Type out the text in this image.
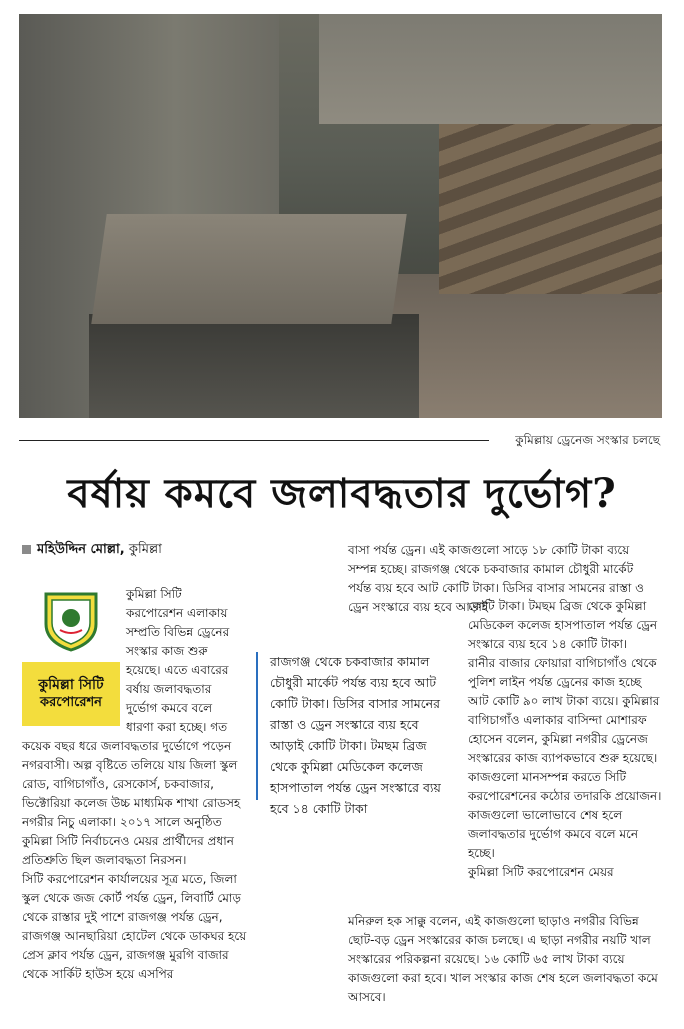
কুমিল্লায় ড্রেনেজ সংস্কার চলছে
বর্ষায় কমবে জলাবদ্ধতার দুর্ভোগ?
মহিউদ্দিন মোল্লা, কুমিল্লা
কুমিল্লা সিটি
করপোরেশন

কুমিল্লা সিটি করপোরেশন এলাকায় সম্প্রতি বিভিন্ন ড্রেনের সংস্কার কাজ শুরু হয়েছে। এতে এবারের বর্ষায় জলাবদ্ধতার দুর্ভোগ কমবে বলে ধারণা করা হচ্ছে। গত

কয়েক বছর ধরে জলাবদ্ধতার দুর্ভোগে পড়েন নগরবাসী। অল্প বৃষ্টিতে তলিয়ে যায় জিলা স্কুল রোড, বাগিচাগাঁও, রেসকোর্স, চকবাজার, ভিক্টোরিয়া কলেজ উচ্চ মাধ্যমিক শাখা রোডসহ নগরীর নিচু এলাকা। ২০১৭ সালে অনুষ্ঠিত কুমিল্লা সিটি নির্বাচনেও মেয়র প্রার্থীদের প্রধান প্রতিশ্রুতি ছিল জলাবদ্ধতা নিরসন।

সিটি করপোরেশন কার্যালয়ের সূত্র মতে, জিলা স্কুল থেকে জজ কোর্ট পর্যন্ত ড্রেন, লিবার্টি মোড় থেকে রাস্তার দুই পাশে রাজগঞ্জ পর্যন্ত ড্রেন, রাজগঞ্জ আনছারিয়া হোটেল থেকে ডাকঘর হয়ে প্রেস ক্লাব পর্যন্ত ড্রেন, রাজগঞ্জ মুরগি বাজার থেকে সার্কিট হাউস হয়ে এসপির

রাজগঞ্জ থেকে চকবাজার কামাল চৌধুরী মার্কেট পর্যন্ত ব্যয় হবে আট কোটি টাকা। ডিসির বাসার সামনের রাস্তা ও ড্রেন সংস্কারে ব্যয় হবে আড়াই কোটি টাকা। টমছম ব্রিজ থেকে কুমিল্লা মেডিকেল কলেজ হাসপাতাল পর্যন্ত ড্রেন সংস্কারে ব্যয় হবে ১৪ কোটি টাকা

বাসা পর্যন্ত ড্রেন। এই কাজগুলো সাড়ে ১৮ কোটি টাকা ব্যয়ে সম্পন্ন হচ্ছে। রাজগঞ্জ থেকে চকবাজার কামাল চৌধুরী মার্কেট পর্যন্ত ব্যয় হবে আট কোটি টাকা। ডিসির বাসার সামনের রাস্তা ও ড্রেন সংস্কারে ব্যয় হবে আড়াই

কোটি টাকা। টমছম ব্রিজ থেকে কুমিল্লা মেডিকেল কলেজ হাসপাতাল পর্যন্ত ড্রেন সংস্কারে ব্যয় হবে ১৪ কোটি টাকা।

রানীর বাজার ফোয়ারা বাগিচাগাঁও থেকে পুলিশ লাইন পর্যন্ত ড্রেনের কাজ হচ্ছে আট কোটি ৯০ লাখ টাকা ব্যয়ে। কুমিল্লার বাগিচাগাঁও এলাকার বাসিন্দা মোশারফ হোসেন বলেন, কুমিল্লা নগরীর ড্রেনেজ সংস্কারের কাজ ব্যাপকভাবে শুরু হয়েছে। কাজগুলো মানসম্পন্ন করতে সিটি করপোরেশনের কঠোর তদারকি প্রয়োজন। কাজগুলো ভালোভাবে শেষ হলে জলাবদ্ধতার দুর্ভোগ কমবে বলে মনে হচ্ছে।

কুমিল্লা সিটি করপোরেশন মেয়র

মনিরুল হক সাক্কু বলেন, এই কাজগুলো ছাড়াও নগরীর বিভিন্ন ছোট-বড় ড্রেন সংস্কারের কাজ চলছে। এ ছাড়া নগরীর নয়টি খাল সংস্কারের পরিকল্পনা রয়েছে। ১৬ কোটি ৬৫ লাখ টাকা ব্যয়ে কাজগুলো করা হবে। খাল সংস্কার কাজ শেষ হলে জলাবদ্ধতা কমে আসবে।
